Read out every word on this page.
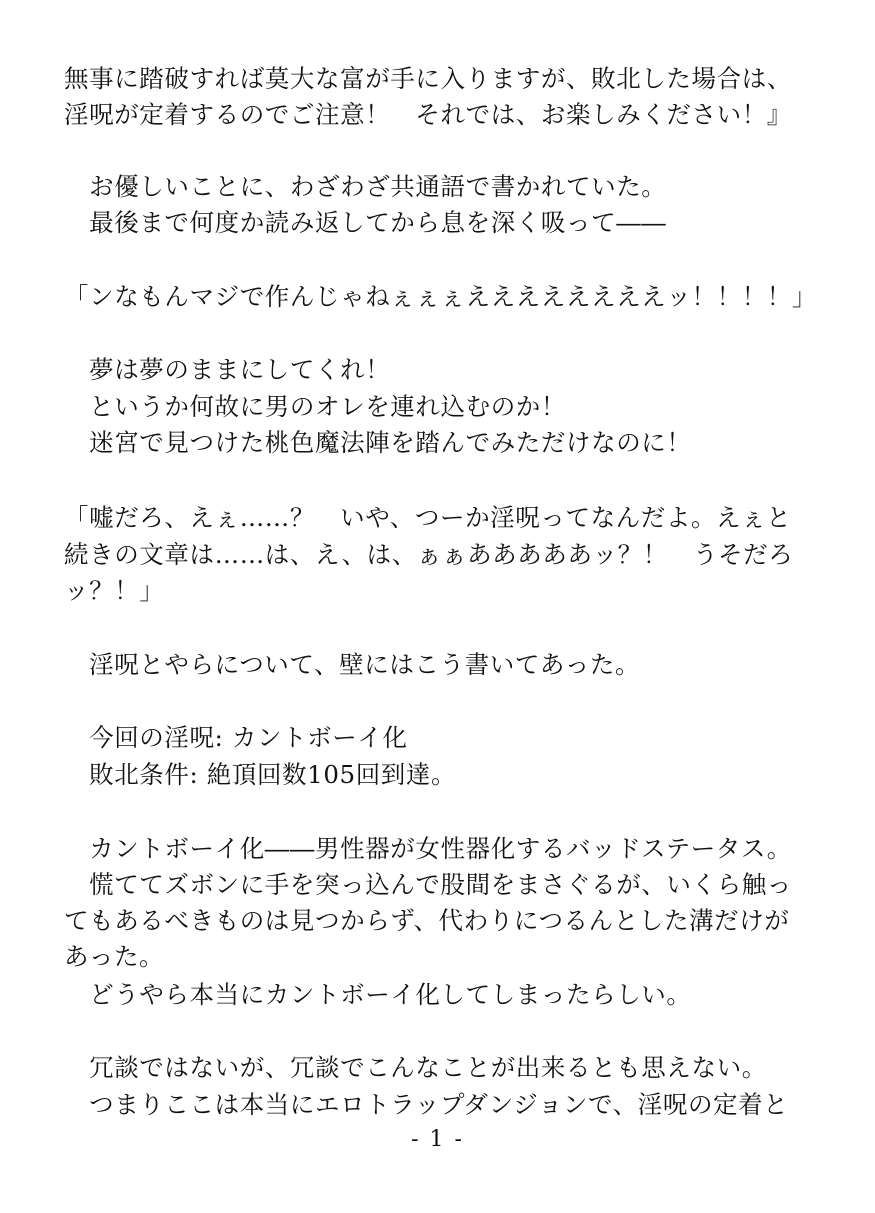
無事に踏破すれば莫大な富が手に入りますが、敗北した場合は、
淫呪が定着するのでご注意！　それでは、お楽しみください！』
　お優しいことに、わざわざ共通語で書かれていた。
　最後まで何度か読み返してから息を深く吸って――
「ンなもんマジで作んじゃねぇぇぇええええええええッ！！！！」
　夢は夢のままにしてくれ！
　というか何故に男のオレを連れ込むのか！
　迷宮で見つけた桃色魔法陣を踏んでみただけなのに！
「嘘だろ、えぇ……？　いや、つーか淫呪ってなんだよ。えぇと
続きの文章は……は、え、は、ぁぁあああああッ？！　うそだろ
ッ？！」
　淫呪とやらについて、壁にはこう書いてあった。
　今回の淫呪: カントボーイ化
　敗北条件: 絶頂回数105回到達。
　カントボーイ化――男性器が女性器化するバッドステータス。
　慌ててズボンに手を突っ込んで股間をまさぐるが、いくら触っ
てもあるべきものは見つからず、代わりにつるんとした溝だけが
あった。
　どうやら本当にカントボーイ化してしまったらしい。
　冗談ではないが、冗談でこんなことが出来るとも思えない。
　つまりここは本当にエロトラップダンジョンで、淫呪の定着と
- 1 -
